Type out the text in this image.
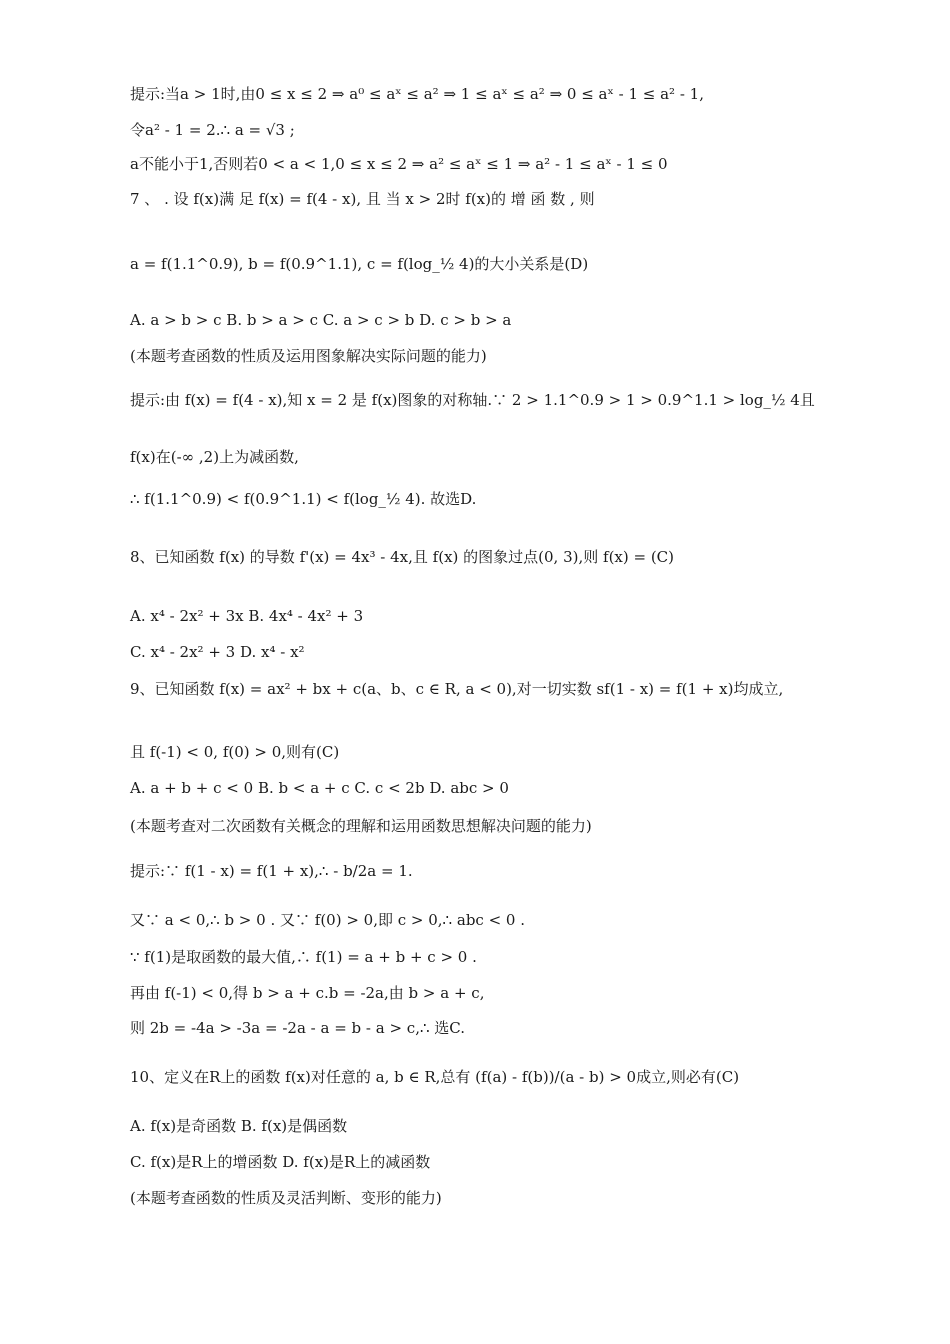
提示:当a > 1时,由0 ≤ x ≤ 2 ⇒ a⁰ ≤ aˣ ≤ a² ⇒ 1 ≤ aˣ ≤ a² ⇒ 0 ≤ aˣ - 1 ≤ a² - 1,
令a² - 1 = 2.∴ a = √3 ;
a不能小于1,否则若0 < a < 1,0 ≤ x ≤ 2 ⇒ a² ≤ aˣ ≤ 1 ⇒ a² - 1 ≤ aˣ - 1 ≤ 0
7 、 . 设 f(x)满 足 f(x) = f(4 - x), 且 当 x > 2时 f(x)的 增 函 数 , 则
a = f(1.1^0.9), b = f(0.9^1.1), c = f(log_½ 4)的大小关系是(D)
A. a > b > c B. b > a > c C. a > c > b D. c > b > a
(本题考查函数的性质及运用图象解决实际问题的能力)
提示:由 f(x) = f(4 - x),知 x = 2 是 f(x)图象的对称轴.∵ 2 > 1.1^0.9 > 1 > 0.9^1.1 > log_½ 4且
f(x)在(-∞ ,2)上为减函数,
∴ f(1.1^0.9) < f(0.9^1.1) < f(log_½ 4). 故选D.
8、已知函数 f(x) 的导数 f'(x) = 4x³ - 4x,且 f(x) 的图象过点(0, 3),则 f(x) = (C)
A. x⁴ - 2x² + 3x B. 4x⁴ - 4x² + 3
C. x⁴ - 2x² + 3 D. x⁴ - x²
9、已知函数 f(x) = ax² + bx + c(a、b、c ∈ R, a < 0),对一切实数 sf(1 - x) = f(1 + x)均成立,
且 f(-1) < 0, f(0) > 0,则有(C)
A. a + b + c < 0 B. b < a + c C. c < 2b D. abc > 0
(本题考查对二次函数有关概念的理解和运用函数思想解决问题的能力)
提示:∵ f(1 - x) = f(1 + x),∴ - b/2a = 1.
又∵ a < 0,∴ b > 0 . 又∵ f(0) > 0,即 c > 0,∴ abc < 0 .
∵ f(1)是取函数的最大值,∴ f(1) = a + b + c > 0 .
再由 f(-1) < 0,得 b > a + c.b = -2a,由 b > a + c,
则 2b = -4a > -3a = -2a - a = b - a > c,∴ 选C.
10、定义在R上的函数 f(x)对任意的 a, b ∈ R,总有 (f(a) - f(b))/(a - b) > 0成立,则必有(C)
A. f(x)是奇函数 B. f(x)是偶函数
C. f(x)是R上的增函数 D. f(x)是R上的减函数
(本题考查函数的性质及灵活判断、变形的能力)
